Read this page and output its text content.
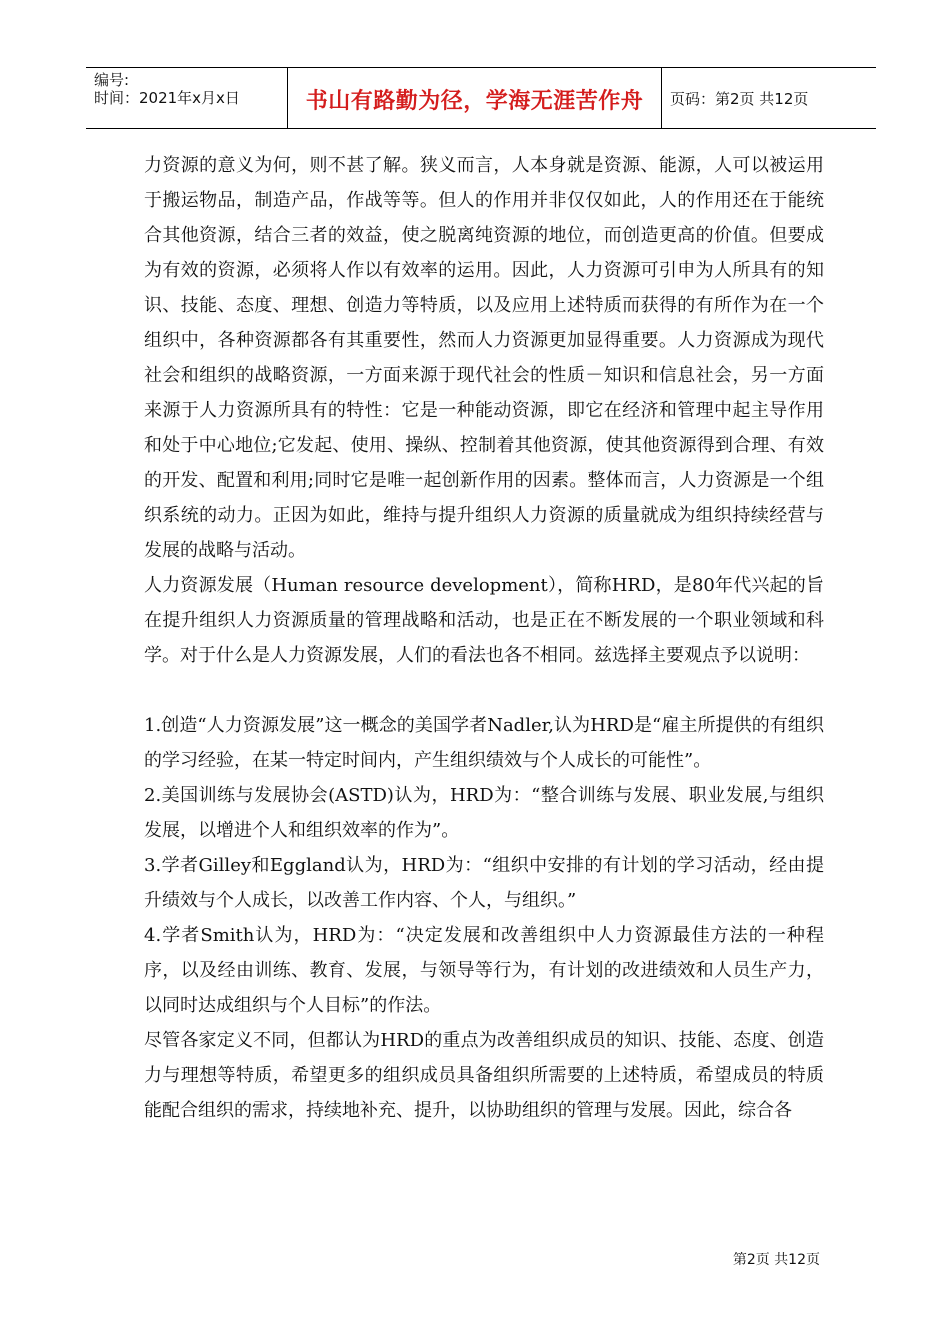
编号:
时间：2021年x月x日	书山有路勤为径，学海无涯苦作舟 页码：第2页 共12页

力资源的意义为何，则不甚了解。狭义而言，人本身就是资源、能源，人可以被运用于搬运物品，制造产品，作战等等。但人的作用并非仅仅如此，人的作用还在于能统合其他资源，结合三者的效益，使之脱离纯资源的地位，而创造更高的价值。但要成为有效的资源，必须将人作以有效率的运用。因此，人力资源可引申为人所具有的知识、技能、态度、理想、创造力等特质，以及应用上述特质而获得的有所作为在一个组织中，各种资源都各有其重要性，然而人力资源更加显得重要。人力资源成为现代社会和组织的战略资源，一方面来源于现代社会的性质－知识和信息社会，另一方面来源于人力资源所具有的特性：它是一种能动资源，即它在经济和管理中起主导作用和处于中心地位;它发起、使用、操纵、控制着其他资源，使其他资源得到合理、有效的开发、配置和利用;同时它是唯一起创新作用的因素。整体而言，人力资源是一个组织系统的动力。正因为如此，维持与提升组织人力资源的质量就成为组织持续经营与发展的战略与活动。

人力资源发展（Human resource development），简称HRD，是80年代兴起的旨在提升组织人力资源质量的管理战略和活动，也是正在不断发展的一个职业领域和科学。对于什么是人力资源发展，人们的看法也各不相同。兹选择主要观点予以说明：

1.创造“人力资源发展”这一概念的美国学者Nadler,认为HRD是“雇主所提供的有组织的学习经验，在某一特定时间内，产生组织绩效与个人成长的可能性”。

2.美国训练与发展协会(ASTD)认为，HRD为：“整合训练与发展、职业发展,与组织发展，以增进个人和组织效率的作为”。

3.学者Gilley和Eggland认为，HRD为：“组织中安排的有计划的学习活动，经由提升绩效与个人成长，以改善工作内容、个人，与组织。”

4.学者Smith认为，HRD为：“决定发展和改善组织中人力资源最佳方法的一种程序，以及经由训练、教育、发展，与领导等行为，有计划的改进绩效和人员生产力，以同时达成组织与个人目标”的作法。

尽管各家定义不同，但都认为HRD的重点为改善组织成员的知识、技能、态度、创造力与理想等特质，希望更多的组织成员具备组织所需要的上述特质，希望成员的特质能配合组织的需求，持续地补充、提升，以协助组织的管理与发展。因此，综合各

第2页 共12页
